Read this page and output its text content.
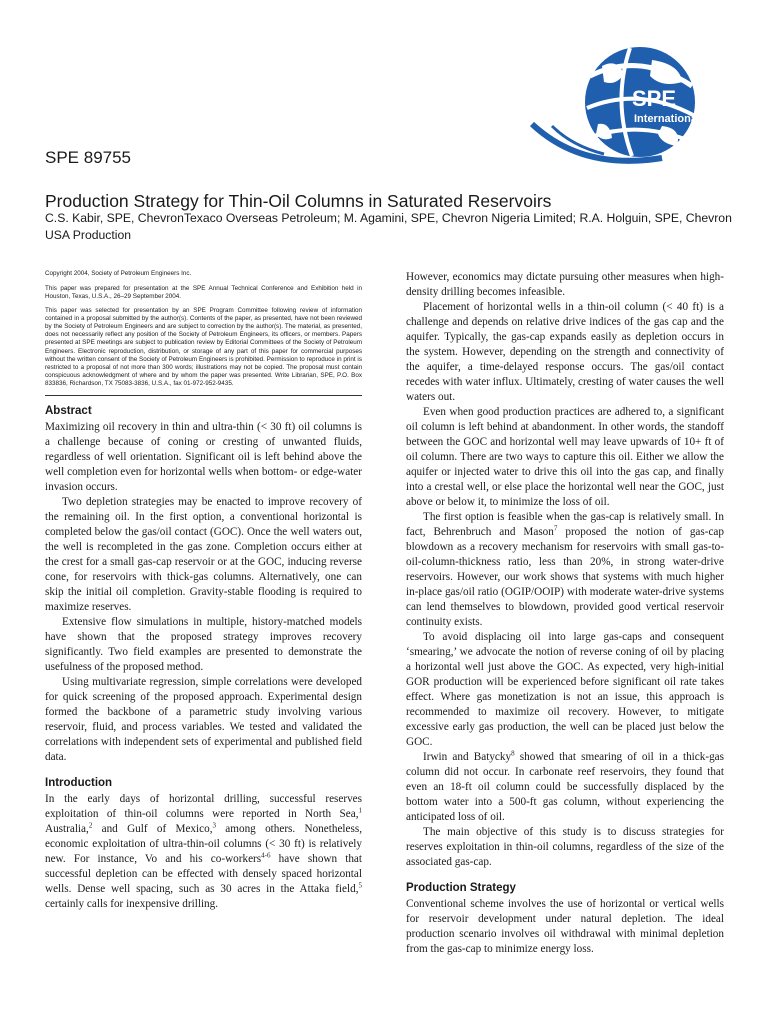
SPE
International
SPE 89755
Production Strategy for Thin-Oil Columns in Saturated Reservoirs
C.S. Kabir, SPE, ChevronTexaco Overseas Petroleum; M. Agamini, SPE, Chevron Nigeria Limited; R.A. Holguin, SPE, Chevron USA Production

Copyright 2004, Society of Petroleum Engineers Inc.

This paper was prepared for presentation at the SPE Annual Technical Conference and Exhibition held in Houston, Texas, U.S.A., 26–29 September 2004.

This paper was selected for presentation by an SPE Program Committee following review of information contained in a proposal submitted by the author(s). Contents of the paper, as presented, have not been reviewed by the Society of Petroleum Engineers and are subject to correction by the author(s). The material, as presented, does not necessarily reflect any position of the Society of Petroleum Engineers, its officers, or members. Papers presented at SPE meetings are subject to publication review by Editorial Committees of the Society of Petroleum Engineers. Electronic reproduction, distribution, or storage of any part of this paper for commercial purposes without the written consent of the Society of Petroleum Engineers is prohibited. Permission to reproduce in print is restricted to a proposal of not more than 300 words; illustrations may not be copied. The proposal must contain conspicuous acknowledgment of where and by whom the paper was presented. Write Librarian, SPE, P.O. Box 833836, Richardson, TX 75083-3836, U.S.A., fax 01-972-952-9435.

Abstract

Maximizing oil recovery in thin and ultra-thin (< 30 ft) oil columns is a challenge because of coning or cresting of unwanted fluids, regardless of well orientation. Significant oil is left behind above the well completion even for horizontal wells when bottom- or edge-water invasion occurs.

Two depletion strategies may be enacted to improve recovery of the remaining oil. In the first option, a conventional horizontal is completed below the gas/oil contact (GOC). Once the well waters out, the well is recompleted in the gas zone. Completion occurs either at the crest for a small gas-cap reservoir or at the GOC, inducing reverse cone, for reservoirs with thick-gas columns. Alternatively, one can skip the initial oil completion. Gravity-stable flooding is required to maximize reserves.

Extensive flow simulations in multiple, history-matched models have shown that the proposed strategy improves recovery significantly. Two field examples are presented to demonstrate the usefulness of the proposed method.

Using multivariate regression, simple correlations were developed for quick screening of the proposed approach. Experimental design formed the backbone of a parametric study involving various reservoir, fluid, and process variables. We tested and validated the correlations with independent sets of experimental and published field data.

Introduction

In the early days of horizontal drilling, successful reserves exploitation of thin-oil columns were reported in North Sea,$^1$ Australia,$^2$ and Gulf of Mexico,$^3$ among others. Nonetheless, economic exploitation of ultra-thin-oil columns (< 30 ft) is relatively new. For instance, Vo and his co-workers$^{4-6}$ have shown that successful depletion can be effected with densely spaced horizontal wells. Dense well spacing, such as 30 acres in the Attaka field,$^5$ certainly calls for inexpensive drilling.

However, economics may dictate pursuing other measures when high-density drilling becomes infeasible.

Placement of horizontal wells in a thin-oil column (< 40 ft) is a challenge and depends on relative drive indices of the gas cap and the aquifer. Typically, the gas-cap expands easily as depletion occurs in the system. However, depending on the strength and connectivity of the aquifer, a time-delayed response occurs. The gas/oil contact recedes with water influx. Ultimately, cresting of water causes the well waters out.

Even when good production practices are adhered to, a significant oil column is left behind at abandonment. In other words, the standoff between the GOC and horizontal well may leave upwards of 10+ ft of oil column. There are two ways to capture this oil. Either we allow the aquifer or injected water to drive this oil into the gas cap, and finally into a crestal well, or else place the horizontal well near the GOC, just above or below it, to minimize the loss of oil.

The first option is feasible when the gas-cap is relatively small. In fact, Behrenbruch and Mason$^7$ proposed the notion of gas-cap blowdown as a recovery mechanism for reservoirs with small gas-to-oil-column-thickness ratio, less than 20%, in strong water-drive reservoirs. However, our work shows that systems with much higher in-place gas/oil ratio (OGIP/OOIP) with moderate water-drive systems can lend themselves to blowdown, provided good vertical reservoir continuity exists.

To avoid displacing oil into large gas-caps and consequent ‘smearing,’ we advocate the notion of reverse coning of oil by placing a horizontal well just above the GOC. As expected, very high-initial GOR production will be experienced before significant oil rate takes effect. Where gas monetization is not an issue, this approach is recommended to maximize oil recovery. However, to mitigate excessive early gas production, the well can be placed just below the GOC.

Irwin and Batycky$^8$ showed that smearing of oil in a thick-gas column did not occur. In carbonate reef reservoirs, they found that even an 18-ft oil column could be successfully displaced by the bottom water into a 500-ft gas column, without experiencing the anticipated loss of oil.

The main objective of this study is to discuss strategies for reserves exploitation in thin-oil columns, regardless of the size of the associated gas-cap.

Production Strategy

Conventional scheme involves the use of horizontal or vertical wells for reservoir development under natural depletion. The ideal production scenario involves oil withdrawal with minimal depletion from the gas-cap to minimize energy loss.
